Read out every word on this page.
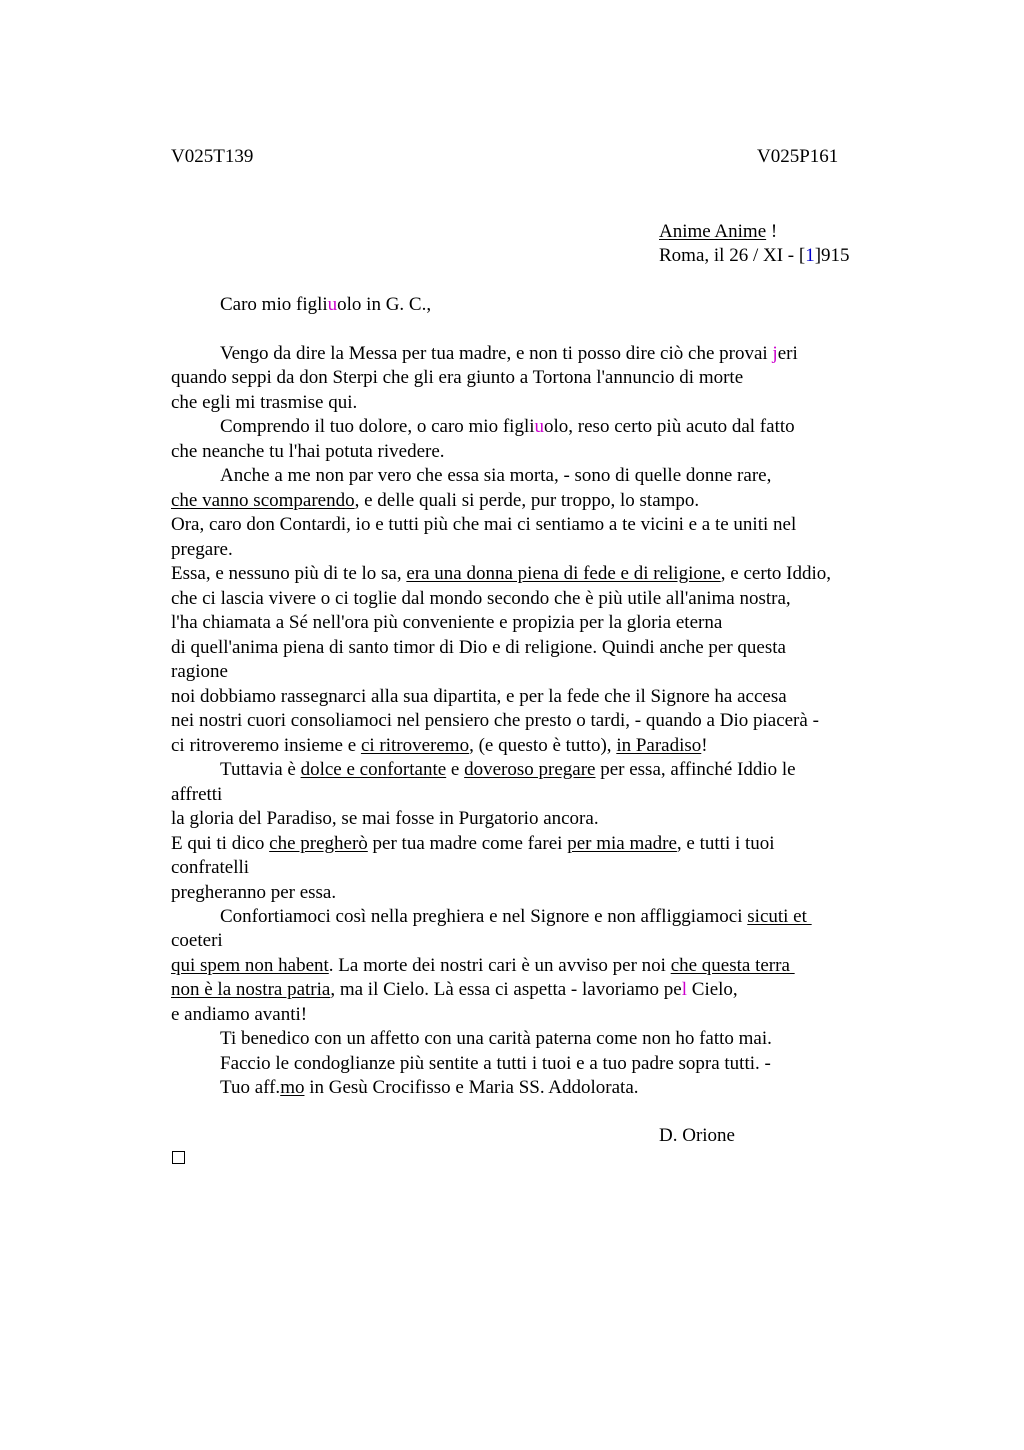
V025T139	V025P161
Anime Anime !
Roma, il 26 / XI - [1]915
Caro mio figliuolo in G. C.,
Vengo da dire la Messa per tua madre, e non ti posso dire ciò che provai jeri
quando seppi da don Sterpi che gli era giunto a Tortona l'annuncio di morte
che egli mi trasmise qui.
Comprendo il tuo dolore, o caro mio figliuolo, reso certo più acuto dal fatto
che neanche tu l'hai potuta rivedere.
Anche a me non par vero che essa sia morta, - sono di quelle donne rare,
che vanno scomparendo, e delle quali si perde, pur troppo, lo stampo.
Ora, caro don Contardi, io e tutti più che mai ci sentiamo a te vicini e a te uniti nel
pregare.
Essa, e nessuno più di te lo sa, era una donna piena di fede e di religione, e certo Iddio,
che ci lascia vivere o ci toglie dal mondo secondo che è più utile all'anima nostra,
l'ha chiamata a Sé nell'ora più conveniente e propizia per la gloria eterna
di quell'anima piena di santo timor di Dio e di religione. Quindi anche per questa
ragione
noi dobbiamo rassegnarci alla sua dipartita, e per la fede che il Signore ha accesa
nei nostri cuori consoliamoci nel pensiero che presto o tardi, - quando a Dio piacerà -
ci ritroveremo insieme e ci ritroveremo, (e questo è tutto), in Paradiso!
Tuttavia è dolce e confortante e doveroso pregare per essa, affinché Iddio le
affretti
la gloria del Paradiso, se mai fosse in Purgatorio ancora.
E qui ti dico che pregherò per tua madre come farei per mia madre, e tutti i tuoi
confratelli
pregheranno per essa.
Confortiamoci così nella preghiera e nel Signore e non affliggiamoci sicuti et
coeteri
qui spem non habent. La morte dei nostri cari è un avviso per noi che questa terra
non è la nostra patria, ma il Cielo. Là essa ci aspetta - lavoriamo pel Cielo,
e andiamo avanti!
Ti benedico con un affetto con una carità paterna come non ho fatto mai.
Faccio le condoglianze più sentite a tutti i tuoi e a tuo padre sopra tutti. -
Tuo aff.mo in Gesù Crocifisso e Maria SS. Addolorata.
D. Orione
